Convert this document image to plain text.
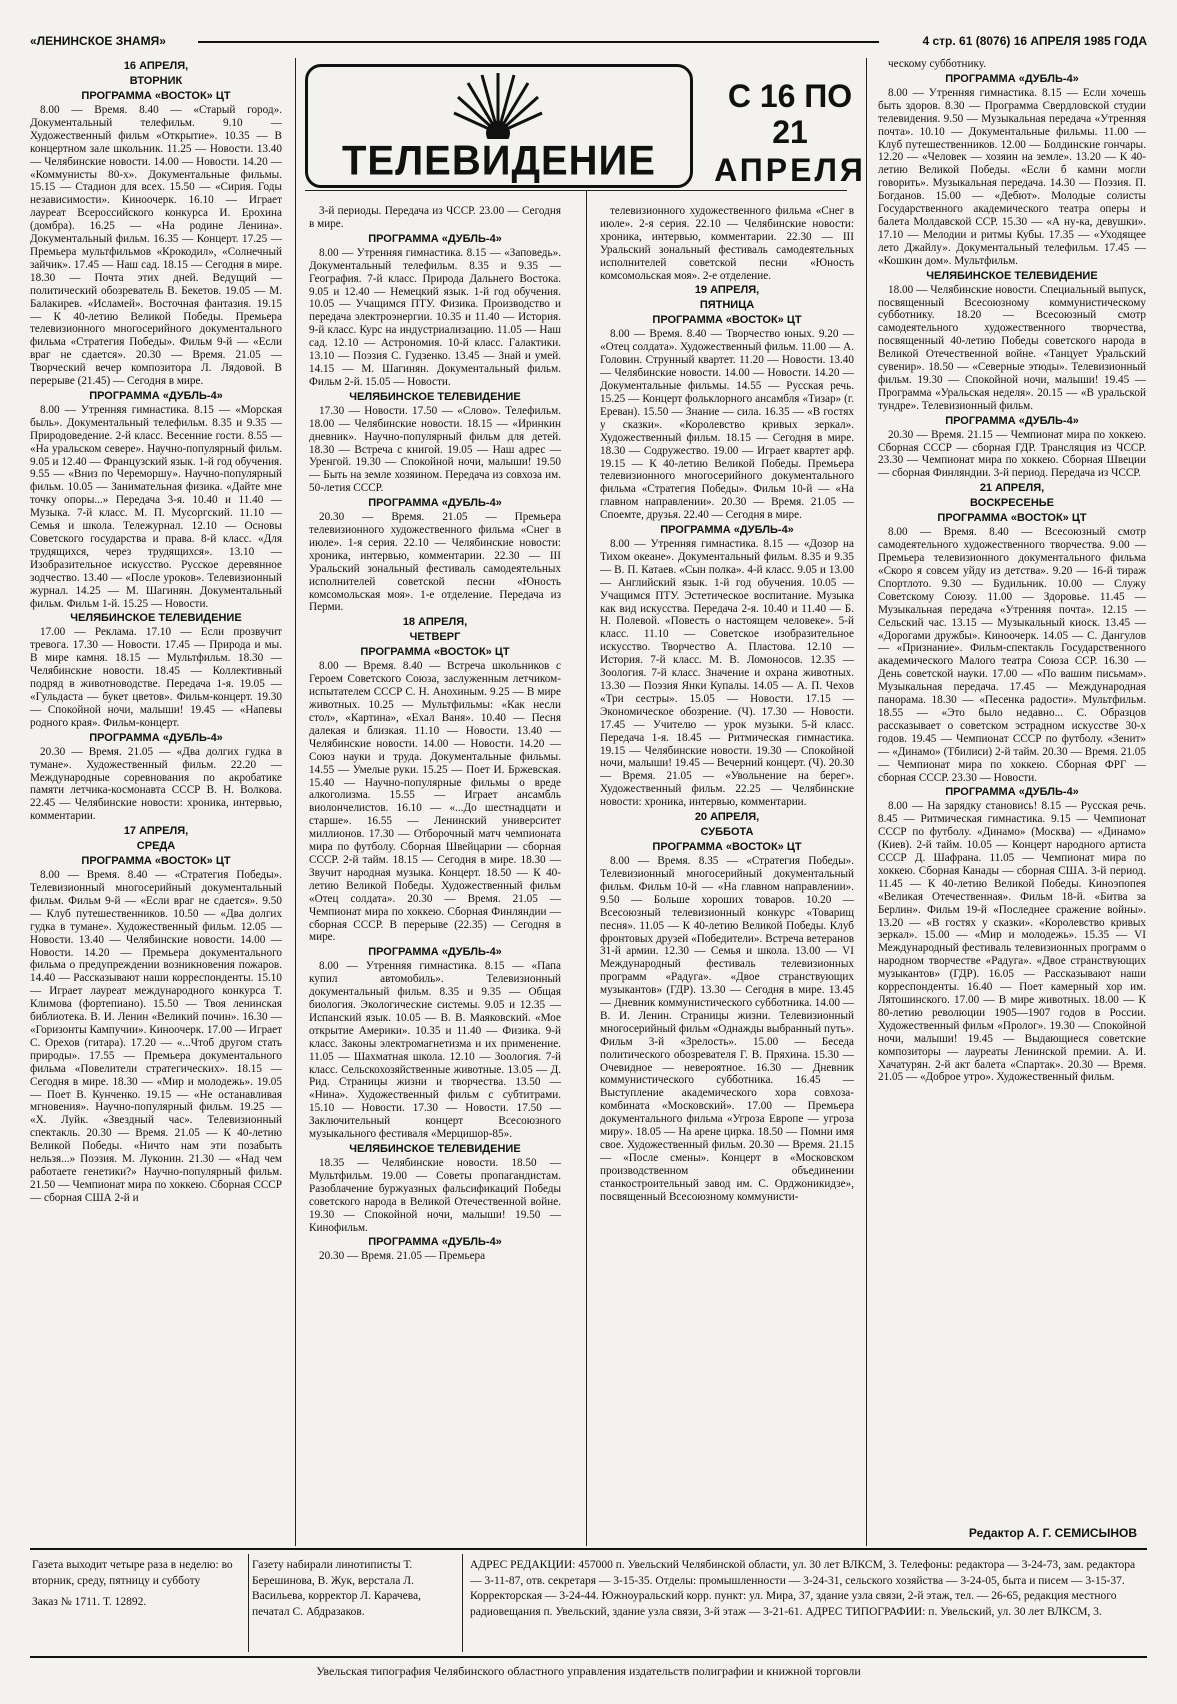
«ЛЕНИНСКОЕ ЗНАМЯ»	4 стр. 61 (8076) 16 АПРЕЛЯ 1985 ГОДА
ТЕЛЕВИДЕНИЕ
С 16 ПО 21
АПРЕЛЯ
16 АПРЕЛЯ,
ВТОРНИК
ПРОГРАММА «ВОСТОК» ЦТ

8.00 — Время. 8.40 — «Старый город». Документальный телефильм. 9.10 — Художественный фильм «Открытие». 10.35 — В концертном зале школьник. 11.25 — Новости. 13.40 — Челябинские новости. 14.00 — Новости. 14.20 — «Коммунисты 80-х». Документальные фильмы. 15.15 — Стадион для всех. 15.50 — «Сирия. Годы независимости». Киноочерк. 16.10 — Играет лауреат Всероссийского конкурса И. Ерохина (домбра). 16.25 — «На родине Ленина». Документальный фильм. 16.35 — Концерт. 17.25 — Премьера мультфильмов «Крокодил», «Солнечный зайчик». 17.45 — Наш сад. 18.15 — Сегодня в мире. 18.30 — Почта этих дней. Ведущий — политический обозреватель В. Бекетов. 19.05 — М. Балакирев. «Исламей». Восточная фантазия. 19.15 — К 40-летию Великой Победы. Премьера телевизионного многосерийного документального фильма «Стратегия Победы». Фильм 9-й — «Если враг не сдается». 20.30 — Время. 21.05 — Творческий вечер композитора Л. Лядовой. В перерыве (21.45) — Сегодня в мире.

ПРОГРАММА «ДУБЛЬ-4»

8.00 — Утренняя гимнастика. 8.15 — «Морская быль». Документальный телефильм. 8.35 и 9.35 — Природоведение. 2-й класс. Весенние гости. 8.55 — «На уральском севере». Научно-популярный фильм. 9.05 и 12.40 — Французский язык. 1-й год обучения. 9.55 — «Вниз по Череморшу». Научно-популярный фильм. 10.05 — Занимательная физика. «Дайте мне точку опоры...» Передача 3-я. 10.40 и 11.40 — Музыка. 7-й класс. М. П. Мусоргский. 11.10 — Семья и школа. Тележурнал. 12.10 — Основы Советского государства и права. 8-й класс. «Для трудящихся, через трудящихся». 13.10 — Изобразительное искусство. Русское деревянное зодчество. 13.40 — «После уроков». Телевизионный журнал. 14.25 — М. Шагинян. Документальный фильм. Фильм 1-й. 15.25 — Новости.

ЧЕЛЯБИНСКОЕ ТЕЛЕВИДЕНИЕ

17.00 — Реклама. 17.10 — Если прозвучит тревога. 17.30 — Новости. 17.45 — Природа и мы. В мире камня. 18.15 — Мультфильм. 18.30 — Челябинские новости. 18.45 — Коллективный подряд в животноводстве. Передача 1-я. 19.05 — «Гульдаста — букет цветов». Фильм-концерт. 19.30 — Спокойной ночи, малыши! 19.45 — «Напевы родного края». Фильм-концерт.

ПРОГРАММА «ДУБЛЬ-4»

20.30 — Время. 21.05 — «Два долгих гудка в тумане». Художественный фильм. 22.20 — Международные соревнования по акробатике памяти летчика-космонавта СССР В. Н. Волкова. 22.45 — Челябинские новости: хроника, интервью, комментарии.

17 АПРЕЛЯ,
СРЕДА
ПРОГРАММА «ВОСТОК» ЦТ

8.00 — Время. 8.40 — «Стратегия Победы». Телевизионный многосерийный документальный фильм. Фильм 9-й — «Если враг не сдается». 9.50 — Клуб путешественников. 10.50 — «Два долгих гудка в тумане». Художественный фильм. 12.05 — Новости. 13.40 — Челябинские новости. 14.00 — Новости. 14.20 — Премьера документального фильма о предупреждении возникновения пожаров. 14.40 — Рассказывают наши корреспонденты. 15.10 — Играет лауреат международного конкурса Т. Климова (фортепиано). 15.50 — Твоя ленинская библиотека. В. И. Ленин «Великий почин». 16.30 — «Горизонты Кампучии». Киноочерк. 17.00 — Играет С. Орехов (гитара). 17.20 — «...Чтоб другом стать природы». 17.55 — Премьера документального фильма «Повелители стратегических». 18.15 — Сегодня в мире. 18.30 — «Мир и молодежь». 19.05 — Поет В. Кунченко. 19.15 — «Не останавливая мгновения». Научно-популярный фильм. 19.25 — «Х. Луйк. «Звездный час». Телевизионный спектакль. 20.30 — Время. 21.05 — К 40-летию Великой Победы. «Ничто нам эти позабыть нельзя...» Поэзия. М. Луконин. 21.30 — «Над чем работаете генетики?» Научно-популярный фильм. 21.50 — Чемпионат мира по хоккею. Сборная СССР — сборная США 2-й и

3-й периоды. Передача из ЧССР. 23.00 — Сегодня в мире.

ПРОГРАММА «ДУБЛЬ-4»

8.00 — Утренняя гимнастика. 8.15 — «Заповедь». Документальный телефильм. 8.35 и 9.35 — География. 7-й класс. Природа Дальнего Востока. 9.05 и 12.40 — Немецкий язык. 1-й год обучения. 10.05 — Учащимся ПТУ. Физика. Производство и передача электроэнергии. 10.35 и 11.40 — История. 9-й класс. Курс на индустриализацию. 11.05 — Наш сад. 12.10 — Астрономия. 10-й класс. Галактики. 13.10 — Поэзия С. Гудзенко. 13.45 — Знай и умей. 14.15 — М. Шагинян. Документальный фильм. Фильм 2-й. 15.05 — Новости.

ЧЕЛЯБИНСКОЕ ТЕЛЕВИДЕНИЕ

17.30 — Новости. 17.50 — «Слово». Телефильм. 18.00 — Челябинские новости. 18.15 — «Иринкин дневник». Научно-популярный фильм для детей. 18.30 — Встреча с книгой. 19.05 — Наш адрес — Уренгой. 19.30 — Спокойной ночи, малыши! 19.50 — Быть на земле хозяином. Передача из совхоза им. 50-летия СССР.

ПРОГРАММА «ДУБЛЬ-4»

20.30 — Время. 21.05 — Премьера телевизионного художественного фильма «Снег в июле». 1-я серия. 22.10 — Челябинские новости: хроника, интервью, комментарии. 22.30 — III Уральский зональный фестиваль самодеятельных исполнителей советской песни «Юность комсомольская моя». 1-е отделение. Передача из Перми.

18 АПРЕЛЯ,
ЧЕТВЕРГ
ПРОГРАММА «ВОСТОК» ЦТ

8.00 — Время. 8.40 — Встреча школьников с Героем Советского Союза, заслуженным летчиком-испытателем СССР С. Н. Анохиным. 9.25 — В мире животных. 10.25 — Мультфильмы: «Как несли стол», «Картина», «Ехал Ваня». 10.40 — Песня далекая и близкая. 11.10 — Новости. 13.40 — Челябинские новости. 14.00 — Новости. 14.20 — Союз науки и труда. Документальные фильмы. 14.55 — Умелые руки. 15.25 — Поет И. Бржевская. 15.40 — Научно-популярные фильмы о вреде алкоголизма. 15.55 — Играет ансамбль виолончелистов. 16.10 — «...До шестнадцати и старше». 16.55 — Ленинский университет миллионов. 17.30 — Отборочный матч чемпионата мира по футболу. Сборная Швейцарии — сборная СССР. 2-й тайм. 18.15 — Сегодня в мире. 18.30 — Звучит народная музыка. Концерт. 18.50 — К 40-летию Великой Победы. Художественный фильм «Отец солдата». 20.30 — Время. 21.05 — Чемпионат мира по хоккею. Сборная Финляндии — сборная СССР. В перерыве (22.35) — Сегодня в мире.

ПРОГРАММА «ДУБЛЬ-4»

8.00 — Утренняя гимнастика. 8.15 — «Папа купил автомобиль». Телевизионный документальный фильм. 8.35 и 9.35 — Общая биология. Экологические системы. 9.05 и 12.35 — Испанский язык. 10.05 — В. В. Маяковский. «Мое открытие Америки». 10.35 и 11.40 — Физика. 9-й класс. Законы электромагнетизма и их применение. 11.05 — Шахматная школа. 12.10 — Зоология. 7-й класс. Сельскохозяйственные животные. 13.05 — Д. Рид. Страницы жизни и творчества. 13.50 — «Нина». Художественный фильм с субтитрами. 15.10 — Новости. 17.30 — Новости. 17.50 — Заключительный концерт Всесоюзного музыкального фестиваля «Мерцишор-85».

ЧЕЛЯБИНСКОЕ ТЕЛЕВИДЕНИЕ

18.35 — Челябинские новости. 18.50 — Мультфильм. 19.00 — Советы пропагандистам. Разоблачение буржуазных фальсификаций Победы советского народа в Великой Отечественной войне. 19.30 — Спокойной ночи, малыши! 19.50 — Кинофильм.

ПРОГРАММА «ДУБЛЬ-4»

20.30 — Время. 21.05 — Премьера

телевизионного художественного фильма «Снег в июле». 2-я серия. 22.10 — Челябинские новости: хроника, интервью, комментарии. 22.30 — III Уральский зональный фестиваль самодеятельных исполнителей советской песни «Юность комсомольская моя». 2-е отделение.

19 АПРЕЛЯ,
ПЯТНИЦА
ПРОГРАММА «ВОСТОК» ЦТ

8.00 — Время. 8.40 — Творчество юных. 9.20 — «Отец солдата». Художественный фильм. 11.00 — А. Головин. Струнный квартет. 11.20 — Новости. 13.40 — Челябинские новости. 14.00 — Новости. 14.20 — Документальные фильмы. 14.55 — Русская речь. 15.25 — Концерт фольклорного ансамбля «Тизар» (г. Ереван). 15.50 — Знание — сила. 16.35 — «В гостях у сказки». «Королевство кривых зеркал». Художественный фильм. 18.15 — Сегодня в мире. 18.30 — Содружество. 19.00 — Играет квартет арф. 19.15 — К 40-летию Великой Победы. Премьера телевизионного многосерийного документального фильма «Стратегия Победы». Фильм 10-й — «На главном направлении». 20.30 — Время. 21.05 — Споемте, друзья. 22.40 — Сегодня в мире.

ПРОГРАММА «ДУБЛЬ-4»

8.00 — Утренняя гимнастика. 8.15 — «Дозор на Тихом океане». Документальный фильм. 8.35 и 9.35 — В. П. Катаев. «Сын полка». 4-й класс. 9.05 и 13.00 — Английский язык. 1-й год обучения. 10.05 — Учащимся ПТУ. Эстетическое воспитание. Музыка как вид искусства. Передача 2-я. 10.40 и 11.40 — Б. Н. Полевой. «Повесть о настоящем человеке». 5-й класс. 11.10 — Советское изобразительное искусство. Творчество А. Пластова. 12.10 — История. 7-й класс. М. В. Ломоносов. 12.35 — Зоология. 7-й класс. Значение и охрана животных. 13.30 — Поэзия Янки Купалы. 14.05 — А. П. Чехов «Три сестры». 15.05 — Новости. 17.15 — Экономическое обозрение. (Ч). 17.30 — Новости. 17.45 — Учителю — урок музыки. 5-й класс. Передача 1-я. 18.45 — Ритмическая гимнастика. 19.15 — Челябинские новости. 19.30 — Спокойной ночи, малыши! 19.45 — Вечерний концерт. (Ч). 20.30 — Время. 21.05 — «Увольнение на берег». Художественный фильм. 22.25 — Челябинские новости: хроника, интервью, комментарии.

20 АПРЕЛЯ,
СУББОТА
ПРОГРАММА «ВОСТОК» ЦТ

8.00 — Время. 8.35 — «Стратегия Победы». Телевизионный многосерийный документальный фильм. Фильм 10-й — «На главном направлении». 9.50 — Больше хороших товаров. 10.20 — Всесоюзный телевизионный конкурс «Товарищ песня». 11.05 — К 40-летию Великой Победы. Клуб фронтовых друзей «Победители». Встреча ветеранов 31-й армии. 12.30 — Семья и школа. 13.00 — VI Международный фестиваль телевизионных программ «Радуга». «Двое странствующих музыкантов» (ГДР). 13.30 — Сегодня в мире. 13.45 — Дневник коммунистического субботника. 14.00 — В. И. Ленин. Страницы жизни. Телевизионный многосерийный фильм «Однажды выбранный путь». Фильм 3-й «Зрелость». 15.00 — Беседа политического обозревателя Г. В. Пряхина. 15.30 — Очевидное — невероятное. 16.30 — Дневник коммунистического субботника. 16.45 — Выступление академического хора совхоза-комбината «Московский». 17.00 — Премьера документального фильма «Угроза Европе — угроза миру». 18.05 — На арене цирка. 18.50 — Помни имя свое. Художественный фильм. 20.30 — Время. 21.15 — «После смены». Концерт в «Московском производственном объединении станкостроительный завод им. С. Орджоникидзе», посвященный Всесоюзному коммунисти-

ческому субботнику.

ПРОГРАММА «ДУБЛЬ-4»

8.00 — Утренняя гимнастика. 8.15 — Если хочешь быть здоров. 8.30 — Программа Свердловской студии телевидения. 9.50 — Музыкальная передача «Утренняя почта». 10.10 — Документальные фильмы. 11.00 — Клуб путешественников. 12.00 — Болдинские гончары. 12.20 — «Человек — хозяин на земле». 13.20 — К 40-летию Великой Победы. «Если б камни могли говорить». Музыкальная передача. 14.30 — Поэзия. П. Богданов. 15.00 — «Дебют». Молодые солисты Государственного академического театра оперы и балета Молдавской ССР. 15.30 — «А ну-ка, девушки». 17.10 — Мелодии и ритмы Кубы. 17.35 — «Уходящее лето Джайлу». Документальный телефильм. 17.45 — «Кошкин дом». Мультфильм.

ЧЕЛЯБИНСКОЕ ТЕЛЕВИДЕНИЕ

18.00 — Челябинские новости. Специальный выпуск, посвященный Всесоюзному коммунистическому субботнику. 18.20 — Всесоюзный смотр самодеятельного художественного творчества, посвященный 40-летию Победы советского народа в Великой Отечественной войне. «Танцует Уральский сувенир». 18.50 — «Северные этюды». Телевизионный фильм. 19.30 — Спокойной ночи, малыши! 19.45 — Программа «Уральская неделя». 20.15 — «В уральской тундре». Телевизионный фильм.

ПРОГРАММА «ДУБЛЬ-4»

20.30 — Время. 21.15 — Чемпионат мира по хоккею. Сборная СССР — сборная ГДР. Трансляция из ЧССР. 23.30 — Чемпионат мира по хоккею. Сборная Швеции — сборная Финляндии. 3-й период. Передача из ЧССР.

21 АПРЕЛЯ,
ВОСКРЕСЕНЬЕ
ПРОГРАММА «ВОСТОК» ЦТ

8.00 — Время. 8.40 — Всесоюзный смотр самодеятельного художественного творчества. 9.00 — Премьера телевизионного документального фильма «Скоро я совсем уйду из детства». 9.20 — 16-й тираж Спортлото. 9.30 — Будильник. 10.00 — Служу Советскому Союзу. 11.00 — Здоровье. 11.45 — Музыкальная передача «Утренняя почта». 12.15 — Сельский час. 13.15 — Музыкальный киоск. 13.45 — «Дорогами дружбы». Киноочерк. 14.05 — С. Дангулов — «Признание». Фильм-спектакль Государственного академического Малого театра Союза ССР. 16.30 — День советской науки. 17.00 — «По вашим письмам». Музыкальная передача. 17.45 — Международная панорама. 18.30 — «Песенка радости». Мультфильм. 18.55 — «Это было недавно... С. Образцов рассказывает о советском эстрадном искусстве 30-х годов. 19.45 — Чемпионат СССР по футболу. «Зенит» — «Динамо» (Тбилиси) 2-й тайм. 20.30 — Время. 21.05 — Чемпионат мира по хоккею. Сборная ФРГ — сборная СССР. 23.30 — Новости.

ПРОГРАММА «ДУБЛЬ-4»

8.00 — На зарядку становись! 8.15 — Русская речь. 8.45 — Ритмическая гимнастика. 9.15 — Чемпионат СССР по футболу. «Динамо» (Москва) — «Динамо» (Киев). 2-й тайм. 10.05 — Концерт народного артиста СССР Д. Шафрана. 11.05 — Чемпионат мира по хоккею. Сборная Канады — сборная США. 3-й период. 11.45 — К 40-летию Великой Победы. Киноэпопея «Великая Отечественная». Фильм 18-й. «Битва за Берлин». Фильм 19-й «Последнее сражение войны». 13.20 — «В гостях у сказки». «Королевство кривых зеркал». 15.00 — «Мир и молодежь». 15.35 — VI Международный фестиваль телевизионных программ о народном творчестве «Радуга». «Двое странствующих музыкантов» (ГДР). 16.05 — Рассказывают наши корреспонденты. 16.40 — Поет камерный хор им. Лятошинского. 17.00 — В мире животных. 18.00 — К 80-летию революции 1905—1907 годов в России. Художественный фильм «Пролог». 19.30 — Спокойной ночи, малыши! 19.45 — Выдающиеся советские композиторы — лауреаты Ленинской премии. А. И. Хачатурян. 2-й акт балета «Спартак». 20.30 — Время. 21.05 — «Доброе утро». Художественный фильм.

Редактор А. Г. СЕМИСЫНОВ
Газета выходит четыре раза в неделю: во вторник, среду, пятницу и субботу
Заказ № 1711. Т. 12892.
Газету набирали линотиписты Т. Берешинова, В. Жук, верстала Л. Васильева, корректор Л. Карачева, печатал С. Абдразаков.
АДРЕС РЕДАКЦИИ: 457000 п. Увельский Челябинской области, ул. 30 лет ВЛКСМ, 3. Телефоны: редактора — 3-24-73, зам. редактора — 3-11-87, отв. секретаря — 3-15-35. Отделы: промышленности — 3-24-31, сельского хозяйства — 3-24-05, быта и писем — 3-15-37. Корректорская — 3-24-44. Южноуральский корр. пункт: ул. Мира, 37, здание узла связи, 2-й этаж, тел. — 26-65, редакция местного радиовещания п. Увельский, здание узла связи, 3-й этаж — 3-21-61. АДРЕС ТИПОГРАФИИ: п. Увельский, ул. 30 лет ВЛКСМ, 3.
Увельская типография Челябинского областного управления издательств полиграфии и книжной торговли
